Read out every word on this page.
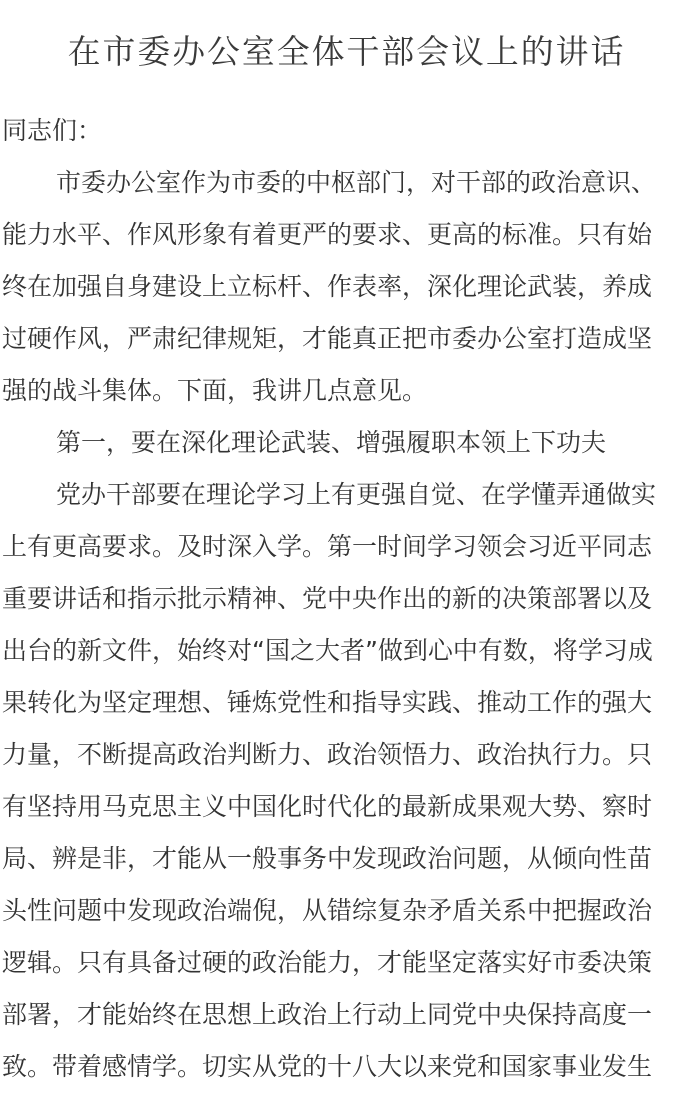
在市委办公室全体干部会议上的讲话
同志们：
市委办公室作为市委的中枢部门，对干部的政治意识、
能力水平、作风形象有着更严的要求、更高的标准。只有始
终在加强自身建设上立标杆、作表率，深化理论武装，养成
过硬作风，严肃纪律规矩，才能真正把市委办公室打造成坚
强的战斗集体。下面，我讲几点意见。
第一，要在深化理论武装、增强履职本领上下功夫
党办干部要在理论学习上有更强自觉、在学懂弄通做实
上有更高要求。及时深入学。第一时间学习领会习近平同志
重要讲话和指示批示精神、党中央作出的新的决策部署以及
出台的新文件，始终对“国之大者”做到心中有数，将学习成
果转化为坚定理想、锤炼党性和指导实践、推动工作的强大
力量，不断提高政治判断力、政治领悟力、政治执行力。只
有坚持用马克思主义中国化时代化的最新成果观大势、察时
局、辨是非，才能从一般事务中发现政治问题，从倾向性苗
头性问题中发现政治端倪，从错综复杂矛盾关系中把握政治
逻辑。只有具备过硬的政治能力，才能坚定落实好市委决策
部署，才能始终在思想上政治上行动上同党中央保持高度一
致。带着感情学。切实从党的十八大以来党和国家事业发生
